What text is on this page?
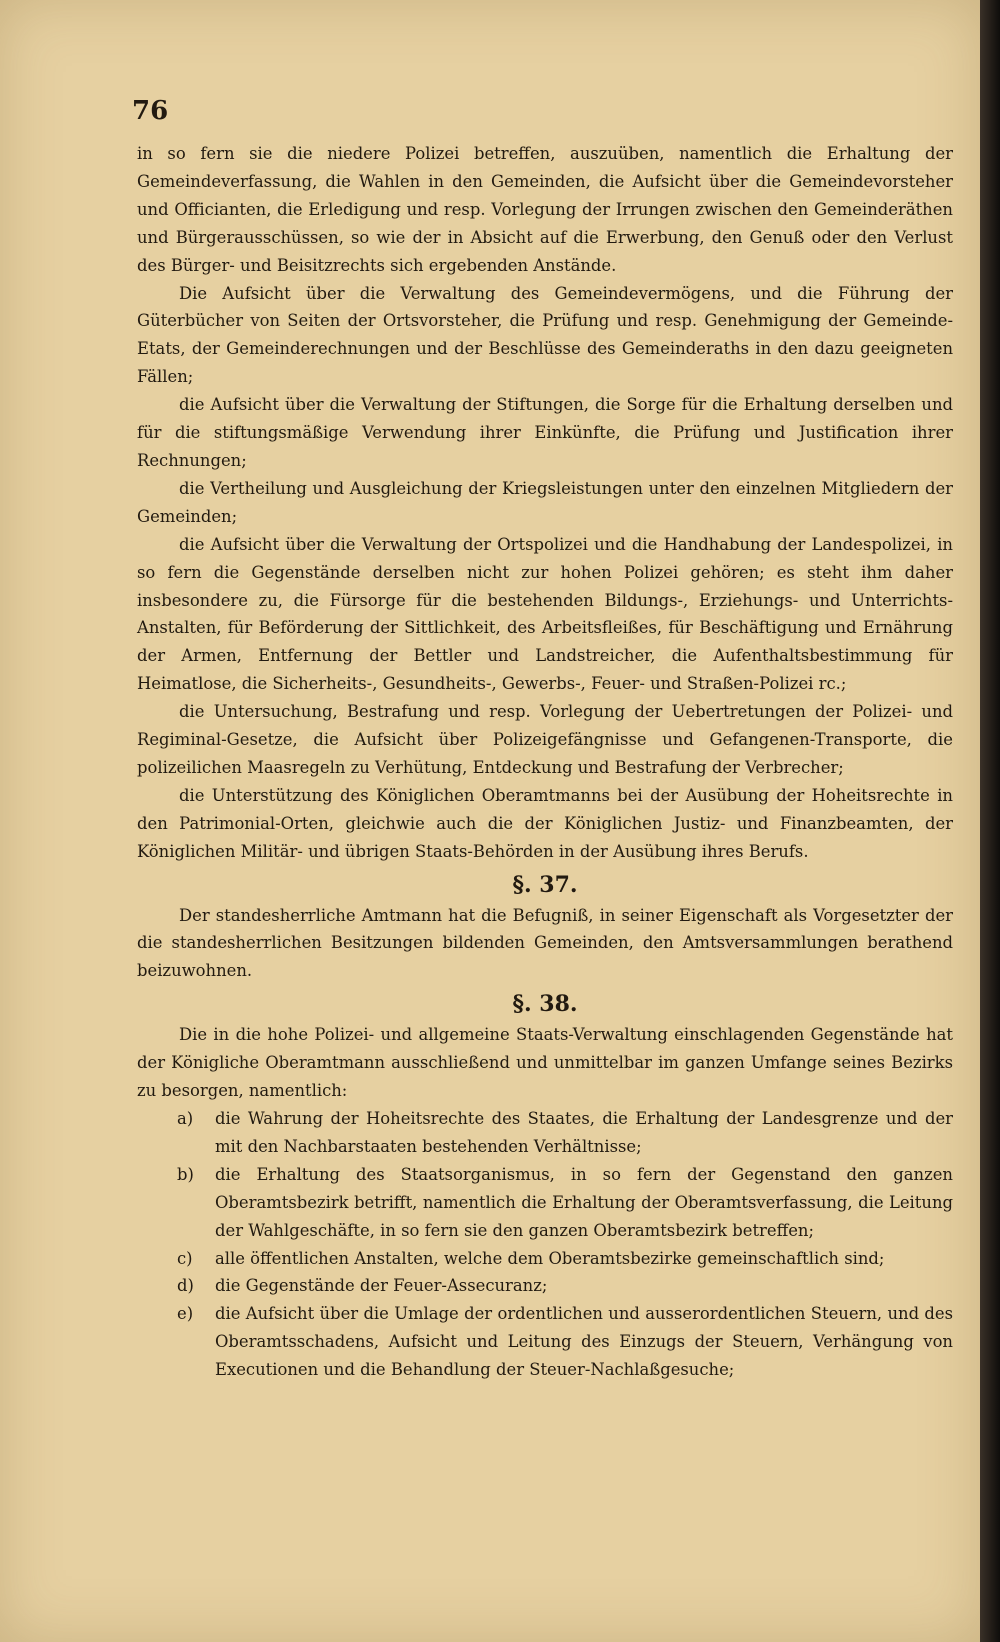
76

in so fern sie die niedere Polizei betreffen, auszuüben, namentlich die Erhaltung der Gemeindeverfassung, die Wahlen in den Gemeinden, die Aufsicht über die Gemeindevorsteher und Officianten, die Erledigung und resp. Vorlegung der Irrungen zwischen den Gemeinderäthen und Bürgerausschüssen, so wie der in Absicht auf die Erwerbung, den Genuß oder den Verlust des Bürger- und Beisitzrechts sich ergebenden Anstände.

Die Aufsicht über die Verwaltung des Gemeindevermögens, und die Führung der Güterbücher von Seiten der Ortsvorsteher, die Prüfung und resp. Genehmigung der Gemeinde-Etats, der Gemeinderechnungen und der Beschlüsse des Gemeinderaths in den dazu geeigneten Fällen;

die Aufsicht über die Verwaltung der Stiftungen, die Sorge für die Erhaltung derselben und für die stiftungsmäßige Verwendung ihrer Einkünfte, die Prüfung und Justification ihrer Rechnungen;

die Vertheilung und Ausgleichung der Kriegsleistungen unter den einzelnen Mitgliedern der Gemeinden;

die Aufsicht über die Verwaltung der Ortspolizei und die Handhabung der Landespolizei, in so fern die Gegenstände derselben nicht zur hohen Polizei gehören; es steht ihm daher insbesondere zu, die Fürsorge für die bestehenden Bildungs-, Erziehungs- und Unterrichts-Anstalten, für Beförderung der Sittlichkeit, des Arbeitsfleißes, für Beschäftigung und Ernährung der Armen, Entfernung der Bettler und Landstreicher, die Aufenthaltsbestimmung für Heimatlose, die Sicherheits-, Gesundheits-, Gewerbs-, Feuer- und Straßen-Polizei rc.;

die Untersuchung, Bestrafung und resp. Vorlegung der Uebertretungen der Polizei- und Regiminal-Gesetze, die Aufsicht über Polizeigefängnisse und Gefangenen-Transporte, die polizeilichen Maasregeln zu Verhütung, Entdeckung und Bestrafung der Verbrecher;

die Unterstützung des Königlichen Oberamtmanns bei der Ausübung der Hoheitsrechte in den Patrimonial-Orten, gleichwie auch die der Königlichen Justiz- und Finanzbeamten, der Königlichen Militär- und übrigen Staats-Behörden in der Ausübung ihres Berufs.

§. 37.

Der standesherrliche Amtmann hat die Befugniß, in seiner Eigenschaft als Vorgesetzter der die standesherrlichen Besitzungen bildenden Gemeinden, den Amtsversammlungen berathend beizuwohnen.

§. 38.

Die in die hohe Polizei- und allgemeine Staats-Verwaltung einschlagenden Gegenstände hat der Königliche Oberamtmann ausschließend und unmittelbar im ganzen Umfange seines Bezirks zu besorgen, namentlich:

a)	die Wahrung der Hoheitsrechte des Staates, die Erhaltung der Landesgrenze und der mit den Nachbarstaaten bestehenden Verhältnisse;
b)	die Erhaltung des Staatsorganismus, in so fern der Gegenstand den ganzen Oberamtsbezirk betrifft, namentlich die Erhaltung der Oberamtsverfassung, die Leitung der Wahlgeschäfte, in so fern sie den ganzen Oberamtsbezirk betreffen;
c)	alle öffentlichen Anstalten, welche dem Oberamtsbezirke gemeinschaftlich sind;
d)	die Gegenstände der Feuer-Assecuranz;
e)	die Aufsicht über die Umlage der ordentlichen und ausserordentlichen Steuern, und des Oberamtsschadens, Aufsicht und Leitung des Einzugs der Steuern, Verhängung von Executionen und die Behandlung der Steuer-Nachlaßgesuche;
